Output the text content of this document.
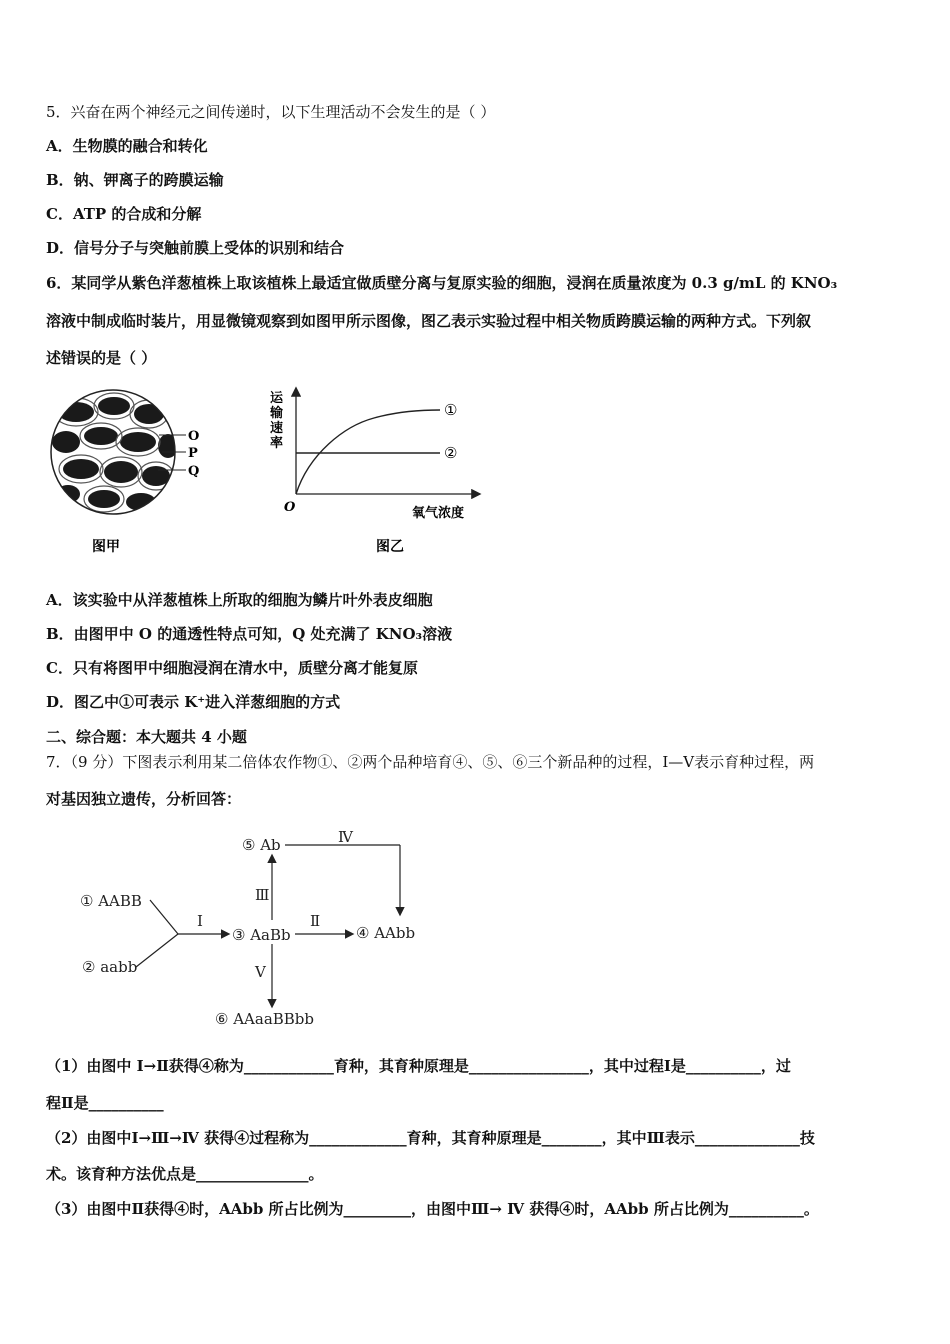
5．兴奋在两个神经元之间传递时，以下生理活动不会发生的是（ ）
A．生物膜的融合和转化
B．钠、钾离子的跨膜运输
C．ATP 的合成和分解
D．信号分子与突触前膜上受体的识别和结合
6．某同学从紫色洋葱植株上取该植株上最适宜做质壁分离与复原实验的细胞，浸润在质量浓度为 0.3 g/mL 的 KNO₃
溶液中制成临时装片，用显微镜观察到如图甲所示图像，图乙表示实验过程中相关物质跨膜运输的两种方式。下列叙
述错误的是（ ）
O
P
Q
图甲
运
输
速
率
O	氧气浓度
①
②
图乙
A．该实验中从洋葱植株上所取的细胞为鳞片叶外表皮细胞
B．由图甲中 O 的通透性特点可知，Q 处充满了 KNO₃溶液
C．只有将图甲中细胞浸润在清水中，质壁分离才能复原
D．图乙中①可表示 K⁺进入洋葱细胞的方式
二、综合题：本大题共 4 小题
7．（9 分）下图表示利用某二倍体农作物①、②两个品种培育④、⑤、⑥三个新品种的过程，Ⅰ—Ⅴ表示育种过程，两
对基因独立遗传，分析回答：
① AABB
② aabb
③ AaBb	④ AAbb
⑤ Ab
⑥ AAaaBBbb
Ⅰ	Ⅱ
Ⅲ
Ⅳ
Ⅴ
（1）由图中 Ⅰ→Ⅱ获得④称为____________育种，其育种原理是________________，其中过程Ⅰ是__________，过
程Ⅱ是__________
（2）由图中Ⅰ→Ⅲ→Ⅳ 获得④过程称为_____________育种，其育种原理是________，其中Ⅲ表示______________技
术。该育种方法优点是_______________。
（3）由图中Ⅱ获得④时，AAbb 所占比例为_________，由图中Ⅲ→ Ⅳ 获得④时，AAbb 所占比例为__________。
